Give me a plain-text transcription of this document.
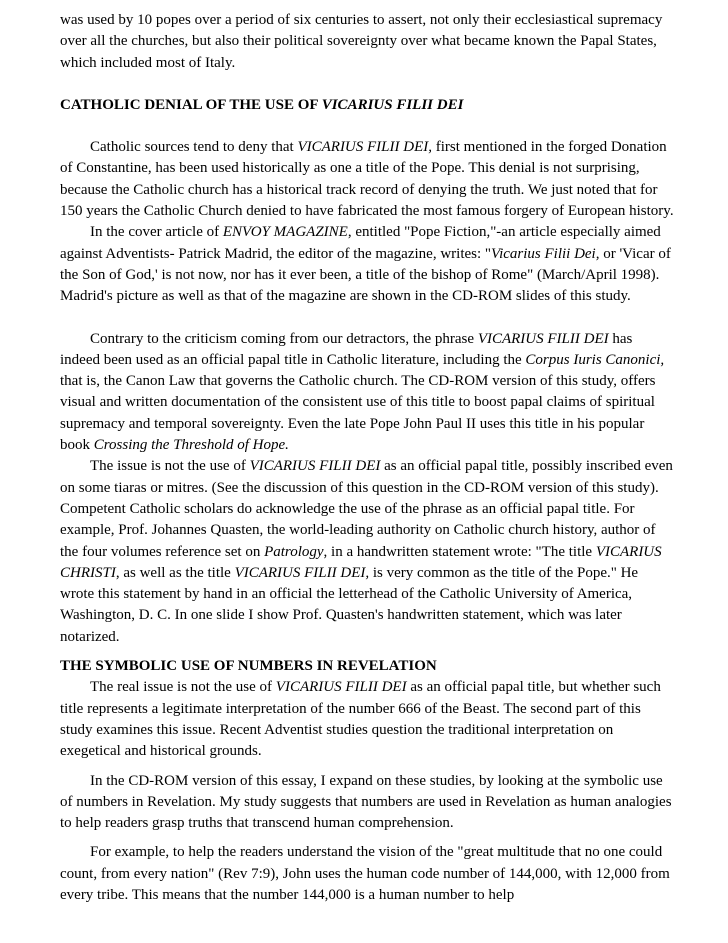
was used by 10 popes over a period of six centuries to assert, not only their ecclesiastical supremacy over all the churches, but also their political sovereignty over what became known the Papal States, which included most of Italy.

CATHOLIC DENIAL OF THE USE OF VICARIUS FILII DEI

Catholic sources tend to deny that VICARIUS FILII DEI, first mentioned in the forged Donation of Constantine, has been used historically as one a title of the Pope. This denial is not surprising, because the Catholic church has a historical track record of denying the truth. We just noted that for 150 years the Catholic Church denied to have fabricated the most famous forgery of European history.

In the cover article of ENVOY MAGAZINE, entitled "Pope Fiction,"-an article especially aimed against Adventists- Patrick Madrid, the editor of the magazine, writes: "Vicarius Filii Dei, or 'Vicar of the Son of God,' is not now, nor has it ever been, a title of the bishop of Rome" (March/April 1998). Madrid's picture as well as that of the magazine are shown in the CD-ROM slides of this study.

Contrary to the criticism coming from our detractors, the phrase VICARIUS FILII DEI has indeed been used as an official papal title in Catholic literature, including the Corpus Iuris Canonici, that is, the Canon Law that governs the Catholic church. The CD-ROM version of this study, offers visual and written documentation of the consistent use of this title to boost papal claims of spiritual supremacy and temporal sovereignty. Even the late Pope John Paul II uses this title in his popular book Crossing the Threshold of Hope.

The issue is not the use of VICARIUS FILII DEI as an official papal title, possibly inscribed even on some tiaras or mitres. (See the discussion of this question in the CD-ROM version of this study). Competent Catholic scholars do acknowledge the use of the phrase as an official papal title. For example, Prof. Johannes Quasten, the world-leading authority on Catholic church history, author of the four volumes reference set on Patrology, in a handwritten statement wrote: "The title VICARIUS CHRISTI, as well as the title VICARIUS FILII DEI, is very common as the title of the Pope." He wrote this statement by hand in an official the letterhead of the Catholic University of America, Washington, D. C. In one slide I show Prof. Quasten's handwritten statement, which was later notarized.

THE SYMBOLIC USE OF NUMBERS IN REVELATION

The real issue is not the use of VICARIUS FILII DEI as an official papal title, but whether such title represents a legitimate interpretation of the number 666 of the Beast. The second part of this study examines this issue. Recent Adventist studies question the traditional interpretation on exegetical and historical grounds.

In the CD-ROM version of this essay, I expand on these studies, by looking at the symbolic use of numbers in Revelation. My study suggests that numbers are used in Revelation as human analogies to help readers grasp truths that transcend human comprehension.

For example, to help the readers understand the vision of the "great multitude that no one could count, from every nation" (Rev 7:9), John uses the human code number of 144,000, with 12,000 from every tribe. This means that the number 144,000 is a human number to help
